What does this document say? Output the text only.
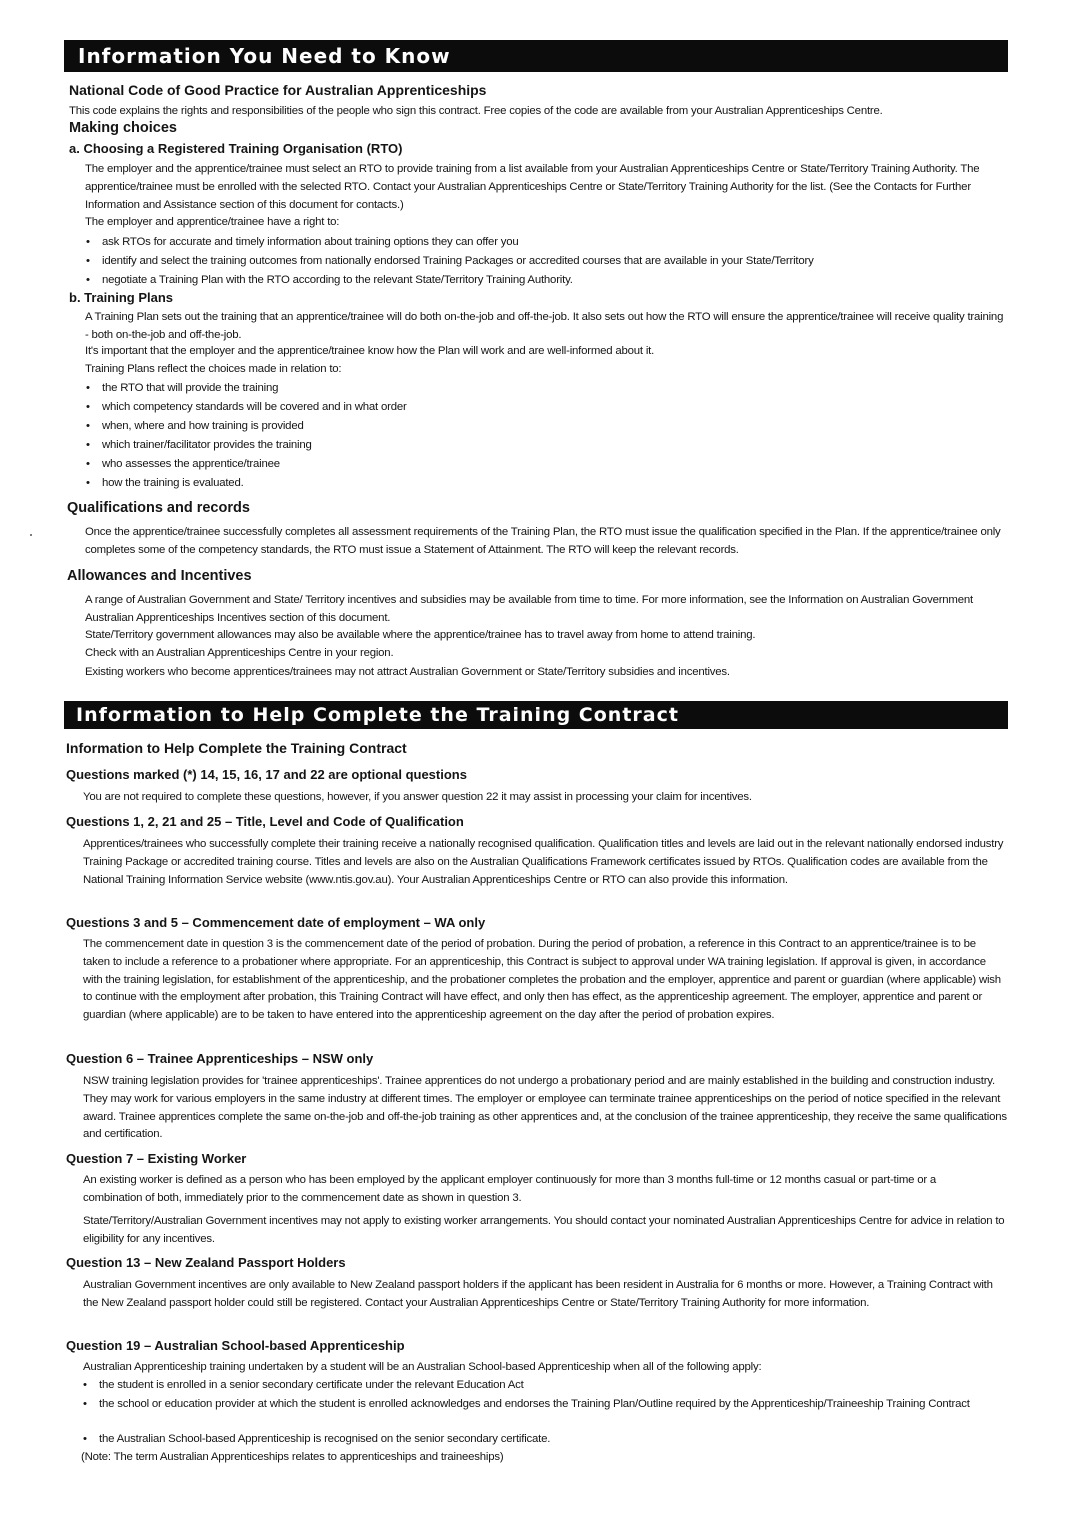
Information You Need to Know
National Code of Good Practice for Australian Apprenticeships
This code explains the rights and responsibilities of the people who sign this contract. Free copies of the code are available from your Australian Apprenticeships Centre.
Making choices
a. Choosing a Registered Training Organisation (RTO)
The employer and the apprentice/trainee must select an RTO to provide training from a list available from your Australian Apprenticeships Centre or State/Territory Training Authority. The apprentice/trainee must be enrolled with the selected RTO. Contact your Australian Apprenticeships Centre or State/Territory Training Authority for the list. (See the Contacts for Further Information and Assistance section of this document for contacts.)
The employer and apprentice/trainee have a right to:
• ask RTOs for accurate and timely information about training options they can offer you
• identify and select the training outcomes from nationally endorsed Training Packages or accredited courses that are available in your State/Territory
• negotiate a Training Plan with the RTO according to the relevant State/Territory Training Authority.
b. Training Plans
A Training Plan sets out the training that an apprentice/trainee will do both on-the-job and off-the-job. It also sets out how the RTO will ensure the apprentice/trainee will receive quality training - both on-the-job and off-the-job.
It's important that the employer and the apprentice/trainee know how the Plan will work and are well-informed about it.
Training Plans reflect the choices made in relation to:
• the RTO that will provide the training
• which competency standards will be covered and in what order
• when, where and how training is provided
• which trainer/facilitator provides the training
• who assesses the apprentice/trainee
• how the training is evaluated.
Qualifications and records
Once the apprentice/trainee successfully completes all assessment requirements of the Training Plan, the RTO must issue the qualification specified in the Plan. If the apprentice/trainee only completes some of the competency standards, the RTO must issue a Statement of Attainment. The RTO will keep the relevant records.
Allowances and Incentives
A range of Australian Government and State/ Territory incentives and subsidies may be available from time to time. For more information, see the Information on Australian Government Australian Apprenticeships Incentives section of this document.
State/Territory government allowances may also be available where the apprentice/trainee has to travel away from home to attend training.
Check with an Australian Apprenticeships Centre in your region.
Existing workers who become apprentices/trainees may not attract Australian Government or State/Territory subsidies and incentives.
Information to Help Complete the Training Contract
Information to Help Complete the Training Contract
Questions marked (*) 14, 15, 16, 17 and 22 are optional questions
You are not required to complete these questions, however, if you answer question 22 it may assist in processing your claim for incentives.
Questions 1, 2, 21 and 25 – Title, Level and Code of Qualification
Apprentices/trainees who successfully complete their training receive a nationally recognised qualification. Qualification titles and levels are laid out in the relevant nationally endorsed industry Training Package or accredited training course. Titles and levels are also on the Australian Qualifications Framework certificates issued by RTOs. Qualification codes are available from the National Training Information Service website (www.ntis.gov.au). Your Australian Apprenticeships Centre or RTO can also provide this information.
Questions 3 and 5 – Commencement date of employment – WA only
The commencement date in question 3 is the commencement date of the period of probation. During the period of probation, a reference in this Contract to an apprentice/trainee is to be taken to include a reference to a probationer where appropriate. For an apprenticeship, this Contract is subject to approval under WA training legislation. If approval is given, in accordance with the training legislation, for establishment of the apprenticeship, and the probationer completes the probation and the employer, apprentice and parent or guardian (where applicable) wish to continue with the employment after probation, this Training Contract will have effect, and only then has effect, as the apprenticeship agreement. The employer, apprentice and parent or guardian (where applicable) are to be taken to have entered into the apprenticeship agreement on the day after the period of probation expires.
Question 6 – Trainee Apprenticeships – NSW only
NSW training legislation provides for 'trainee apprenticeships'. Trainee apprentices do not undergo a probationary period and are mainly established in the building and construction industry. They may work for various employers in the same industry at different times. The employer or employee can terminate trainee apprenticeships on the period of notice specified in the relevant award. Trainee apprentices complete the same on-the-job and off-the-job training as other apprentices and, at the conclusion of the trainee apprenticeship, they receive the same qualifications and certification.
Question 7 – Existing Worker
An existing worker is defined as a person who has been employed by the applicant employer continuously for more than 3 months full-time or 12 months casual or part-time or a combination of both, immediately prior to the commencement date as shown in question 3.
State/Territory/Australian Government incentives may not apply to existing worker arrangements. You should contact your nominated Australian Apprenticeships Centre for advice in relation to eligibility for any incentives.
Question 13 – New Zealand Passport Holders
Australian Government incentives are only available to New Zealand passport holders if the applicant has been resident in Australia for 6 months or more. However, a Training Contract with the New Zealand passport holder could still be registered. Contact your Australian Apprenticeships Centre or State/Territory Training Authority for more information.
Question 19 – Australian School-based Apprenticeship
Australian Apprenticeship training undertaken by a student will be an Australian School-based Apprenticeship when all of the following apply:
• the student is enrolled in a senior secondary certificate under the relevant Education Act
• the school or education provider at which the student is enrolled acknowledges and endorses the Training Plan/Outline required by the Apprenticeship/Traineeship Training Contract
• the Australian School-based Apprenticeship is recognised on the senior secondary certificate.
(Note: The term Australian Apprenticeships relates to apprenticeships and traineeships)
